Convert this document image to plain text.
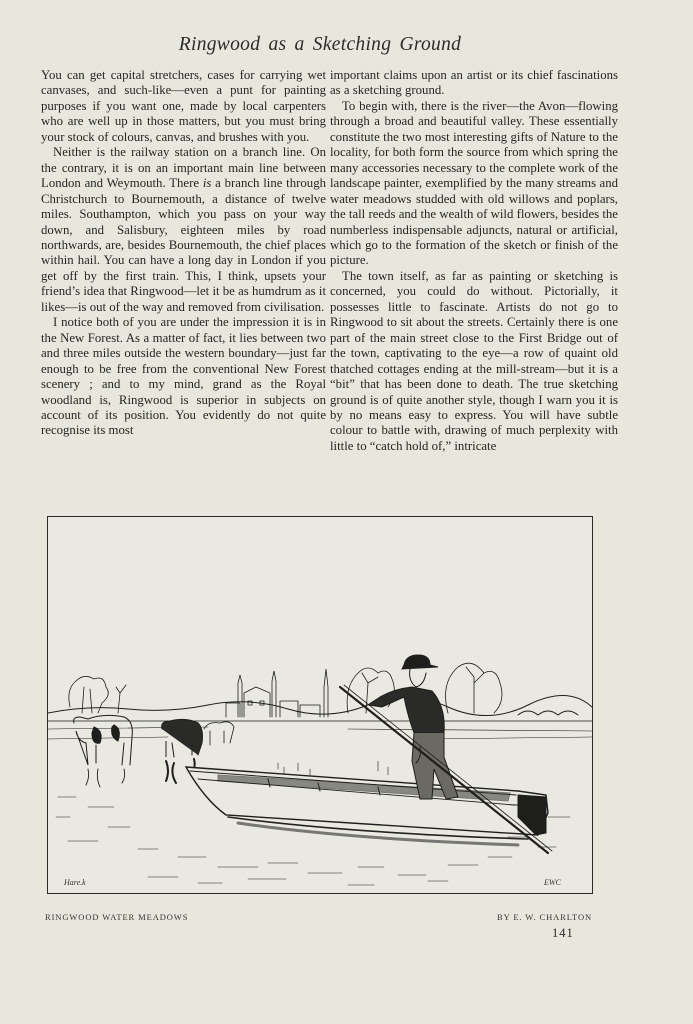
Ringwood as a Sketching Ground

You can get capital stretchers, cases for carrying wet canvases, and such-like—even a punt for painting purposes if you want one, made by local carpenters who are well up in those matters, but you must bring your stock of colours, canvas, and brushes with you.

Neither is the railway station on a branch line. On the contrary, it is on an important main line between London and Weymouth. There is a branch line through Christchurch to Bournemouth, a distance of twelve miles. Southampton, which you pass on your way down, and Salisbury, eighteen miles by road northwards, are, besides Bournemouth, the chief places within hail. You can have a long day in London if you get off by the first train. This, I think, upsets your friend’s idea that Ringwood—let it be as humdrum as it likes—is out of the way and removed from civilisation.

I notice both of you are under the impression it is in the New Forest. As a matter of fact, it lies between two and three miles outside the western boundary—just far enough to be free from the conventional New Forest scenery ; and to my mind, grand as the Royal woodland is, Ringwood is superior in subjects on account of its position. You evidently do not quite recognise its most

important claims upon an artist or its chief fascinations as a sketching ground.

To begin with, there is the river—the Avon—flowing through a broad and beautiful valley. These essentially constitute the two most interesting gifts of Nature to the locality, for both form the source from which spring the many accessories necessary to the complete work of the landscape painter, exemplified by the many streams and water meadows studded with old willows and poplars, the tall reeds and the wealth of wild flowers, besides the numberless indispensable adjuncts, natural or artificial, which go to the formation of the sketch or finish of the picture.

The town itself, as far as painting or sketching is concerned, you could do without. Pictorially, it possesses little to fascinate. Artists do not go to Ringwood to sit about the streets. Certainly there is one part of the main street close to the First Bridge out of the town, captivating to the eye—a row of quaint old thatched cottages ending at the mill-stream—but it is a “bit” that has been done to death. The true sketching ground is of quite another style, though I warn you it is by no means easy to express. You will have subtle colour to battle with, drawing of much perplexity with little to “catch hold of,” intricate

Hare.k	EWC
RINGWOOD WATER MEADOWS	BY E. W. CHARLTON
141
